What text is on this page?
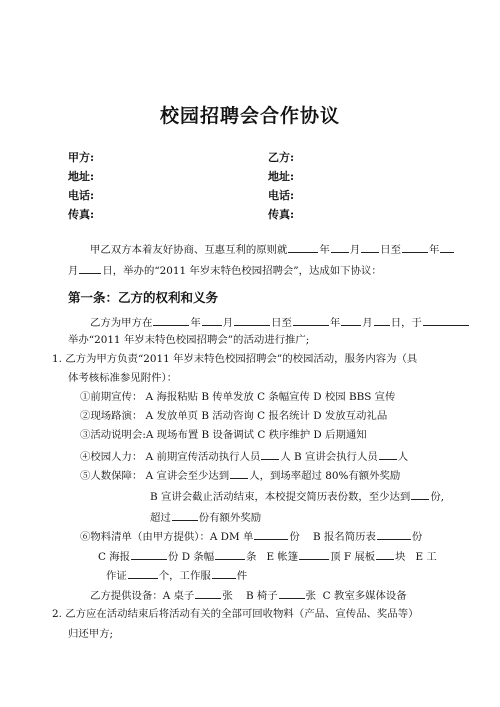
校园招聘会合作协议
甲方:	乙方:
地址:	地址:
电话:	电话:
传真:	传真:
甲乙双方本着友好协商、互惠互利的原则就	年 月 日至	年
月 日，举办的“2011 年岁末特色校园招聘会”，达成如下协议：
第一条：乙方的权利和义务
乙方为甲方在	年 月	日至	年 月 日，于
举办“2011 年岁末特色校园招聘会”的活动进行推广;
1. 乙方为甲方负责“2011 年岁末特色校园招聘会”的校园活动，服务内容为（具
体考核标准参见附件）：
①前期宣传： A 海报粘贴 B 传单发放 C 条幅宣传 D 校园 BBS 宣传
②现场路演： A 发放单页 B 活动咨询 C 报名统计 D 发放互动礼品
③活动说明会:A 现场布置 B 设备调试 C 秩序维护 D 后期通知
④校园人力： A 前期宣传活动执行人员 人 B 宣讲会执行人员 人
⑤人数保障： A 宣讲会至少达到 人，到场率超过 80%有额外奖励
B 宣讲会截止活动结束，本校提交简历表份数，至少达到 份,
超过	份有额外奖励
⑥物料清单（由甲方提供）：A DM 单	份 B 报名简历表	份
C 海报	份 D 条幅	条 E 帐篷	顶 F 展板 块 E 工
作证	个，工作服	件
乙方提供设备：A 桌子	张 B 椅子	张 C 教室多媒体设备
2. 乙方应在活动结束后将活动有关的全部可回收物料（产品、宣传品、奖品等）
归还甲方;
